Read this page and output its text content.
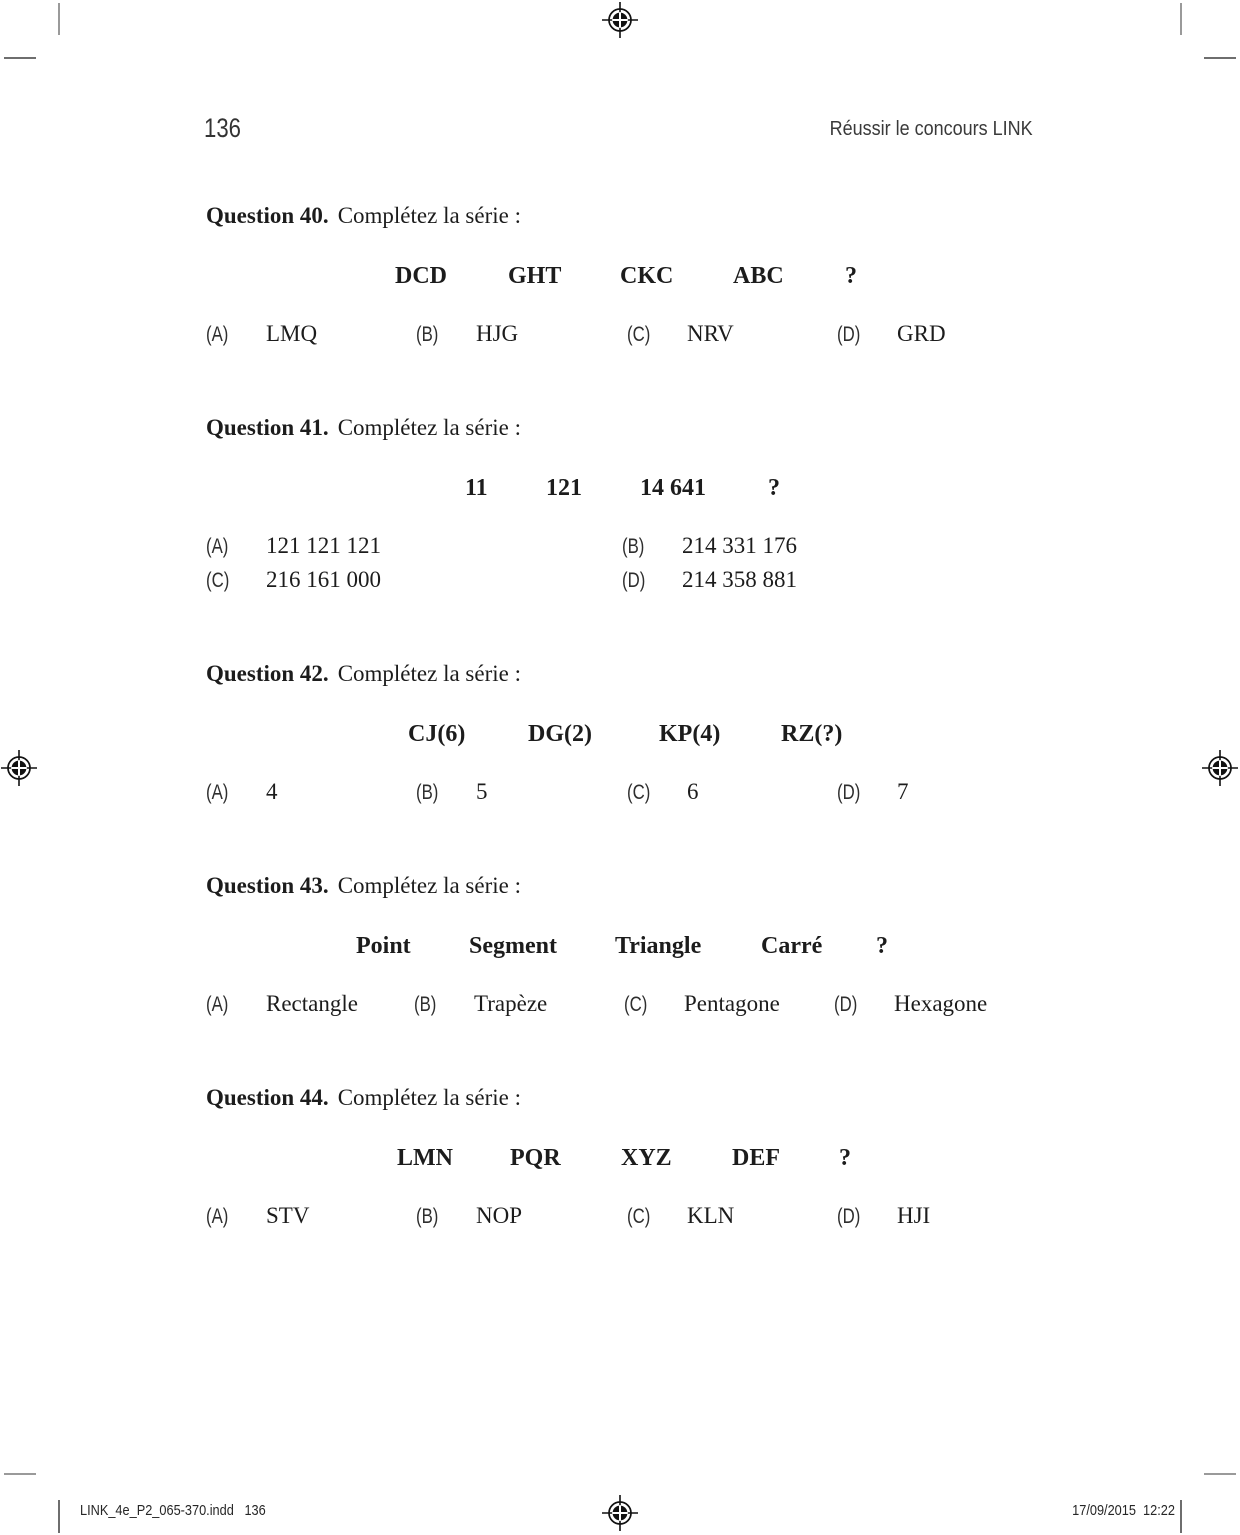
136	Réussir le concours LINK
Question 40. Complétez la série :
DCD	GHT CKC ABC	?
(A)	LMQ	(B)	HJG	(C)	NRV	(D)	GRD
Question 41. Complétez la série :
11 121 14 641	?
(A)	121 121 121	(B)	214 331 176
(C)	216 161 000	(D)	214 358 881
Question 42. Complétez la série :
CJ(6)	DG(2)	KP(4)	RZ(?)
(A)	4	(B)	5	(C)	6	(D)	7
Question 43. Complétez la série :
Point Segment Triangle Carré ?
(A)	Rectangle	(B)	Trapèze	(C)	Pentagone	(D)	Hexagone
Question 44. Complétez la série :
LMN PQR	XYZ	DEF ?
(A)	STV	(B)	NOP	(C)	KLN	(D)	HJI
LINK_4e_P2_065-370.indd   136	17/09/2015  12:22
